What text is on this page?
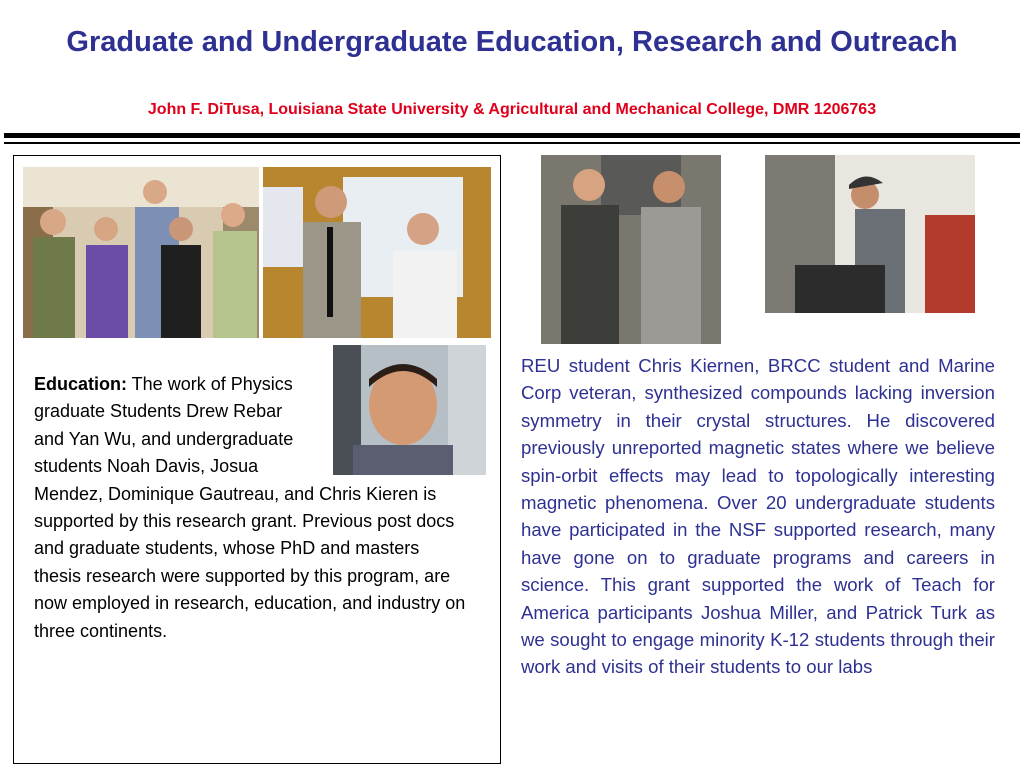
Graduate and Undergraduate Education, Research and Outreach
John F. DiTusa, Louisiana State University & Agricultural and Mechanical College, DMR 1206763
Education: The work of Physics graduate Students Drew Rebar and Yan Wu, and undergraduate students Noah Davis, Josua Mendez, Dominique Gautreau, and Chris Kieren is supported by this research grant. Previous post docs and graduate students, whose PhD and masters thesis research were supported by this program, are now employed in research, education, and industry on three continents.
REU student Chris Kiernen, BRCC student and Marine Corp veteran, synthesized compounds lacking inversion symmetry in their crystal structures. He discovered previously unreported magnetic states where we believe spin-orbit effects may lead to topologically interesting magnetic phenomena. Over 20 undergraduate students have participated in the NSF supported research, many have gone on to graduate programs and careers in science. This grant supported the work of Teach for America participants Joshua Miller, and Patrick Turk as we sought to engage minority K-12 students through their work and visits of their students to our labs
